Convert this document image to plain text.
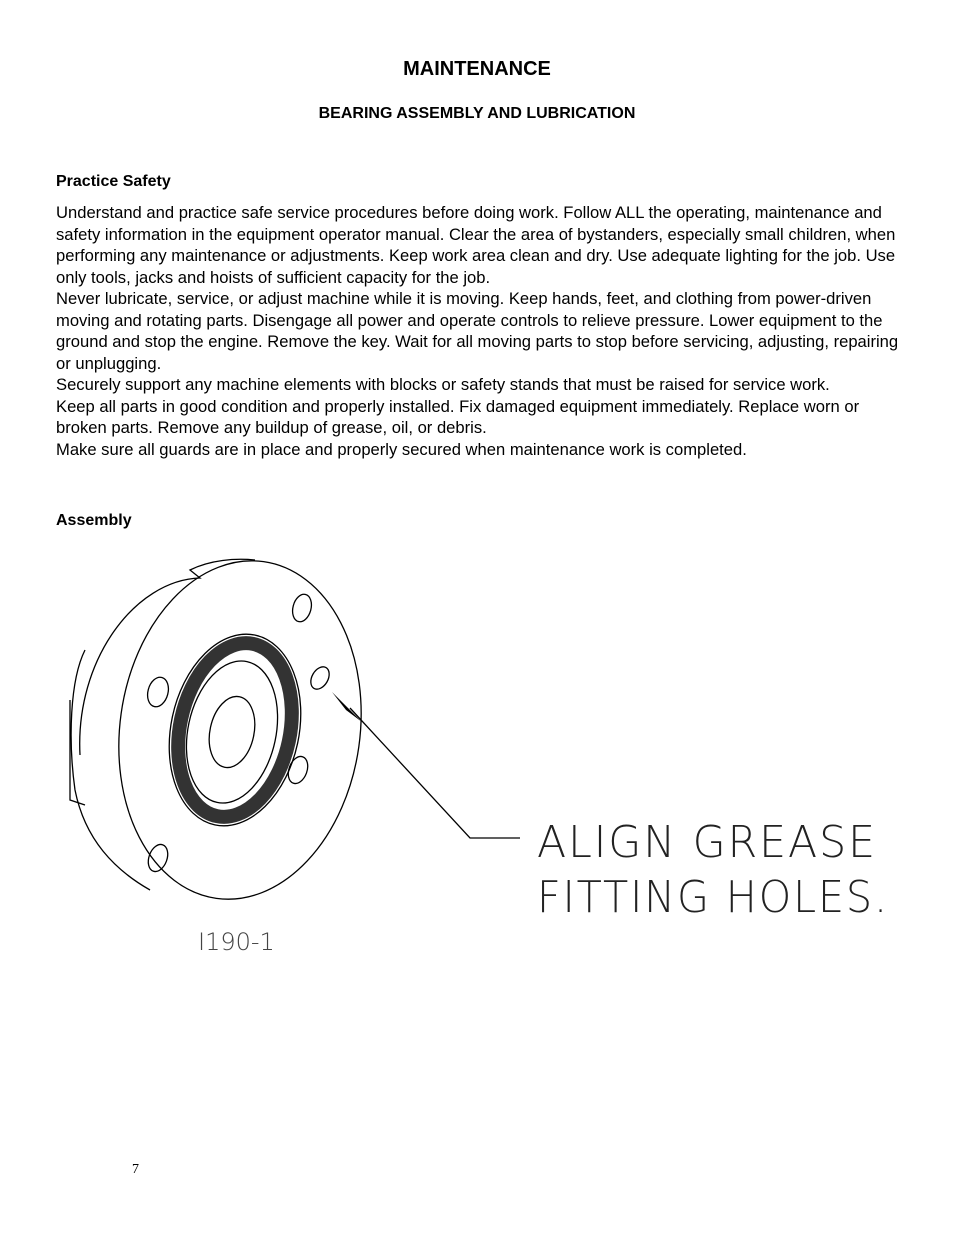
MAINTENANCE
BEARING ASSEMBLY AND LUBRICATION
Practice Safety

Understand and practice safe service procedures before doing work. Follow ALL the operating, maintenance and safety information in the equipment operator manual. Clear the area of bystanders, especially small children, when performing any maintenance or adjustments. Keep work area clean and dry. Use adequate lighting for the job. Use only tools, jacks and hoists of sufficient capacity for the job.

Never lubricate, service, or adjust machine while it is moving. Keep hands, feet, and clothing from power-driven moving and rotating parts. Disengage all power and operate controls to relieve pressure. Lower equipment to the ground and stop the engine. Remove the key. Wait for all moving parts to stop before servicing, adjusting, repairing or unplugging.

Securely support any machine elements with blocks or safety stands that must be raised for service work.

Keep all parts in good condition and properly installed. Fix damaged equipment immediately. Replace worn or broken parts. Remove any buildup of grease, oil, or debris.

Make sure all guards are in place and properly secured when maintenance work is completed.

Assembly
ALIGN GREASE
FITTING HOLES.
I190-1
7
